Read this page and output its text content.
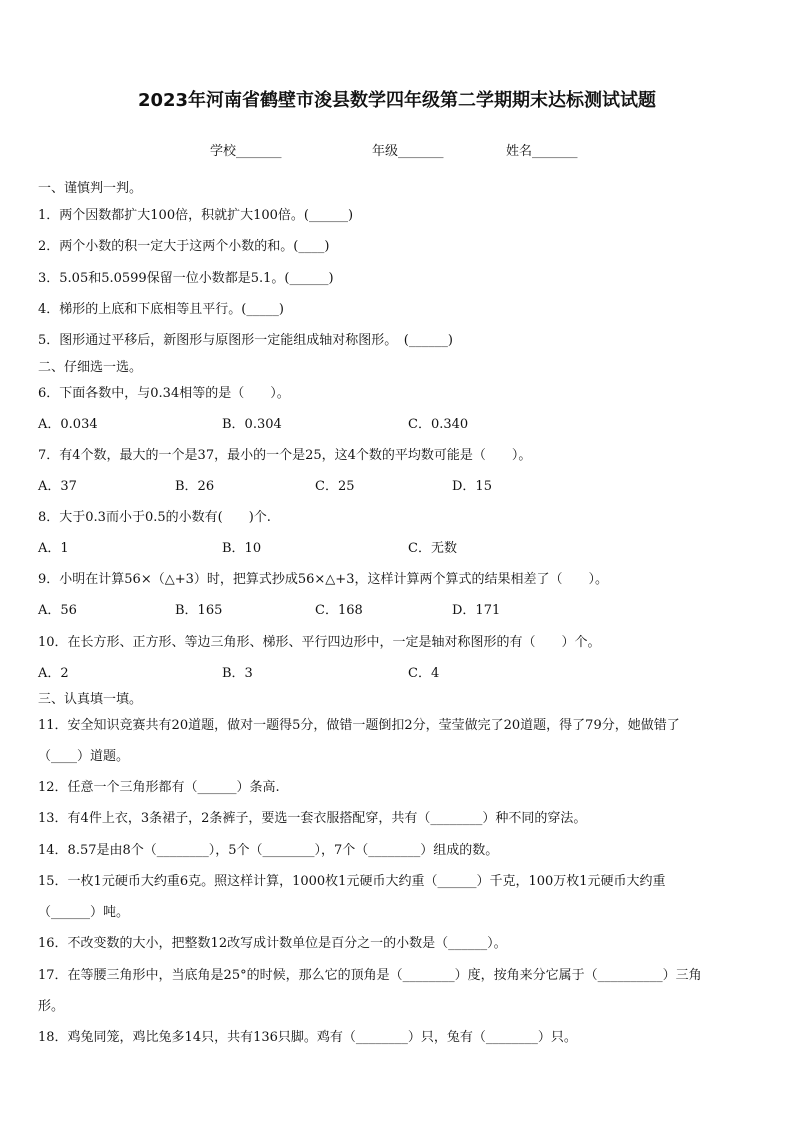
2023年河南省鹤壁市浚县数学四年级第二学期期末达标测试试题
学校_______	年级_______	姓名_______
一、谨慎判一判。
1．两个因数都扩大100倍，积就扩大100倍。(______)
2．两个小数的积一定大于这两个小数的和。(____)
3．5.05和5.0599保留一位小数都是5.1。(______)
4．梯形的上底和下底相等且平行。(_____)
5．图形通过平移后，新图形与原图形一定能组成轴对称图形。　(______)
二、仔细选一选。
6．下面各数中，与0.34相等的是（　　）。
A．0.034	B．0.304	C．0.340
7．有4个数，最大的一个是37，最小的一个是25，这4个数的平均数可能是（　　）。
A．37	B．26	C．25	D．15
8．大于0.3而小于0.5的小数有(　　)个.
A．1	B．10	C．无数
9．小明在计算56×（△+3）时，把算式抄成56×△+3，这样计算两个算式的结果相差了（　　）。
A．56	B．165	C．168	D．171
10．在长方形、正方形、等边三角形、梯形、平行四边形中，一定是轴对称图形的有（　　）个。
A．2	B．3	C．4
三、认真填一填。
11．安全知识竞赛共有20道题，做对一题得5分，做错一题倒扣2分，莹莹做完了20道题，得了79分，她做错了
（____）道题。
12．任意一个三角形都有（______）条高.
13．有4件上衣，3条裙子，2条裤子，要选一套衣服搭配穿，共有（________）种不同的穿法。
14．8.57是由8个（________），5个（________），7个（________）组成的数。
15．一枚1元硬币大约重6克。照这样计算，1000枚1元硬币大约重（______）千克，100万枚1元硬币大约重
（______）吨。
16．不改变数的大小，把整数12改写成计数单位是百分之一的小数是（______）。
17．在等腰三角形中，当底角是25°的时候，那么它的顶角是（________）度，按角来分它属于（__________）三角
形。
18．鸡兔同笼，鸡比兔多14只，共有136只脚。鸡有（________）只，兔有（________）只。
